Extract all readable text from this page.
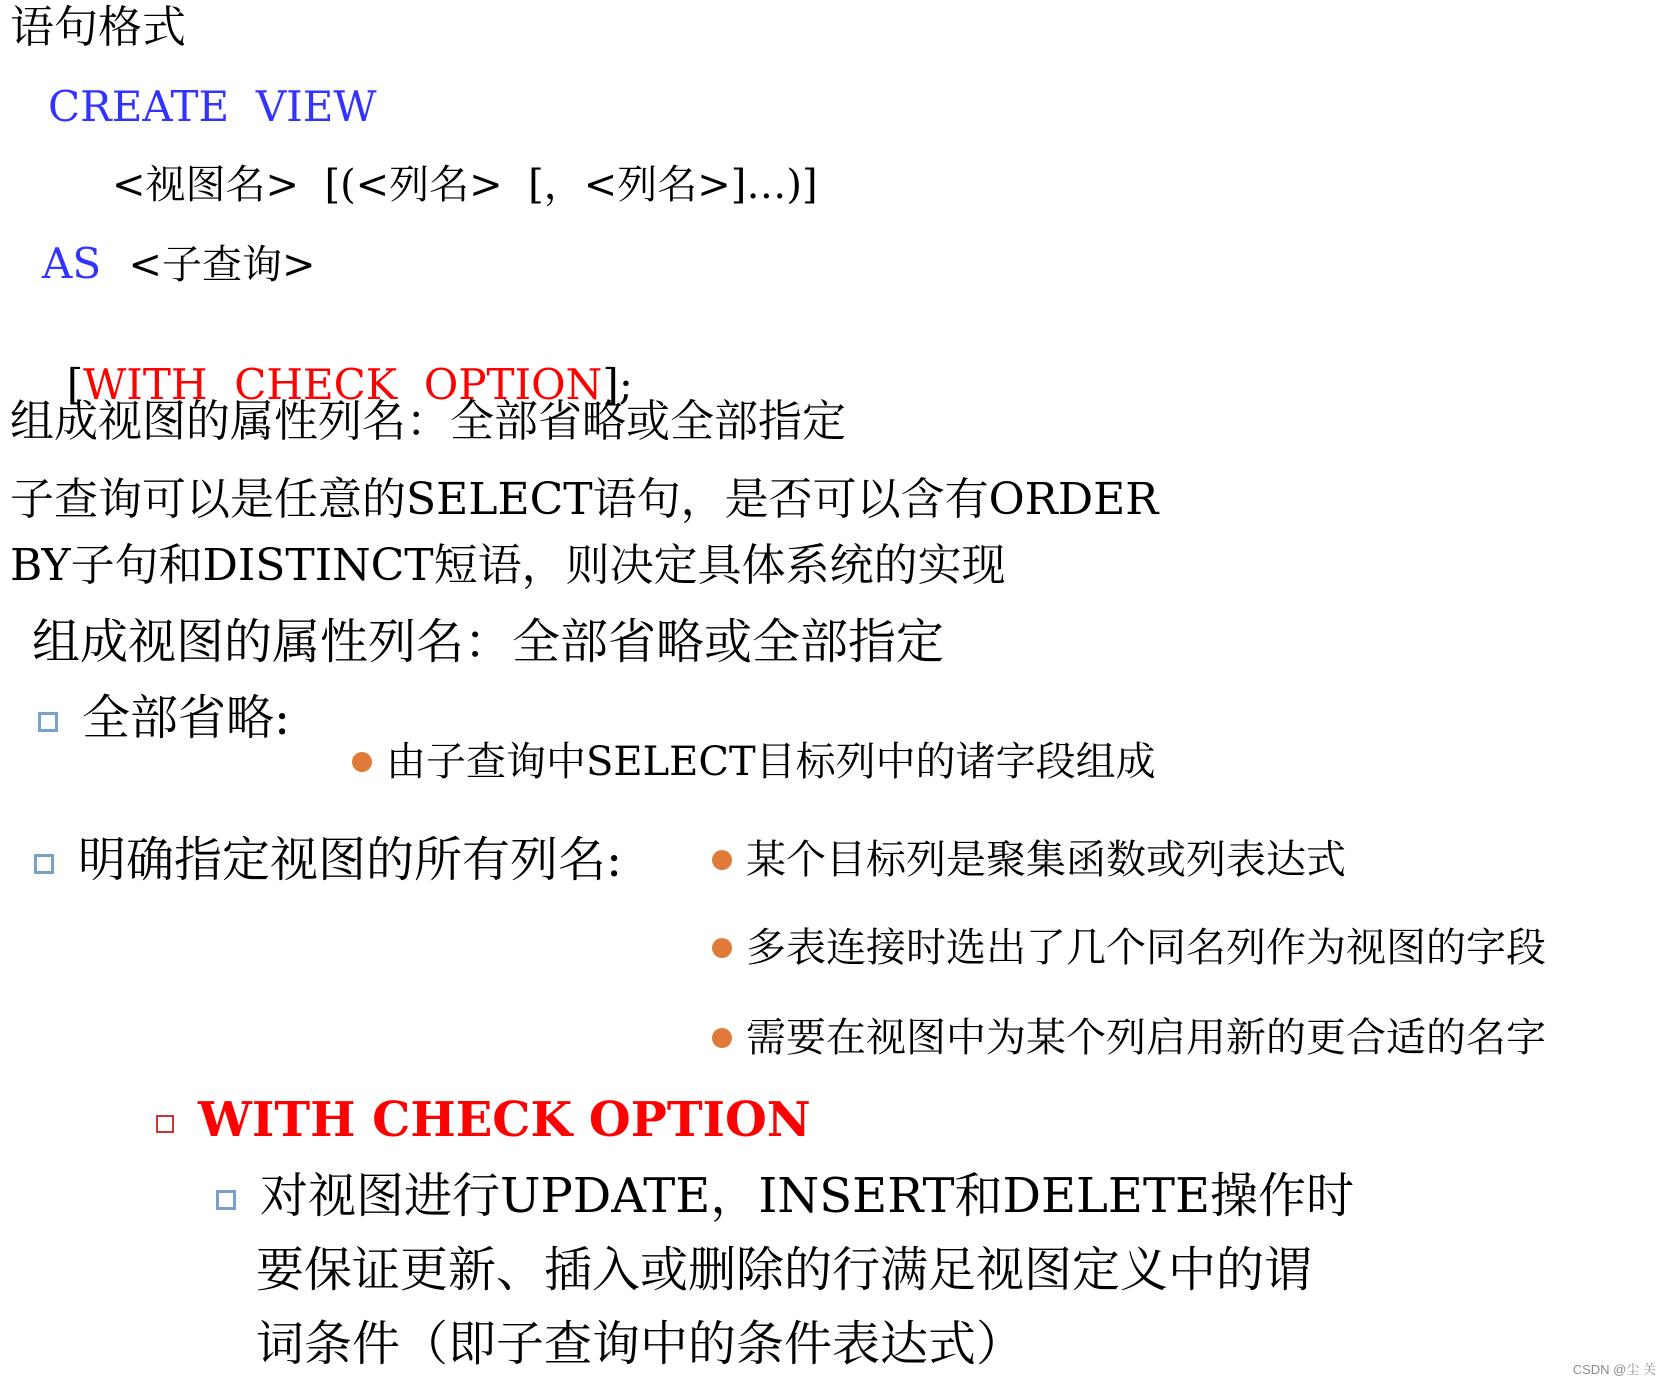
语句格式
CREATE  VIEW
<视图名>  [(<列名>  [，<列名>]…)]
AS <子查询>

[WITH  CHECK  OPTION];

组成视图的属性列名：全部省略或全部指定
子查询可以是任意的SELECT语句，是否可以含有ORDER
BY子句和DISTINCT短语，则决定具体系统的实现
组成视图的属性列名：全部省略或全部指定
全部省略:
由子查询中SELECT目标列中的诸字段组成
明确指定视图的所有列名:	某个目标列是聚集函数或列表达式
多表连接时选出了几个同名列作为视图的字段
需要在视图中为某个列启用新的更合适的名字
WITH CHECK OPTION
对视图进行UPDATE，INSERT和DELETE操作时
要保证更新、插入或删除的行满足视图定义中的谓
词条件（即子查询中的条件表达式）	CSDN @尘 关
